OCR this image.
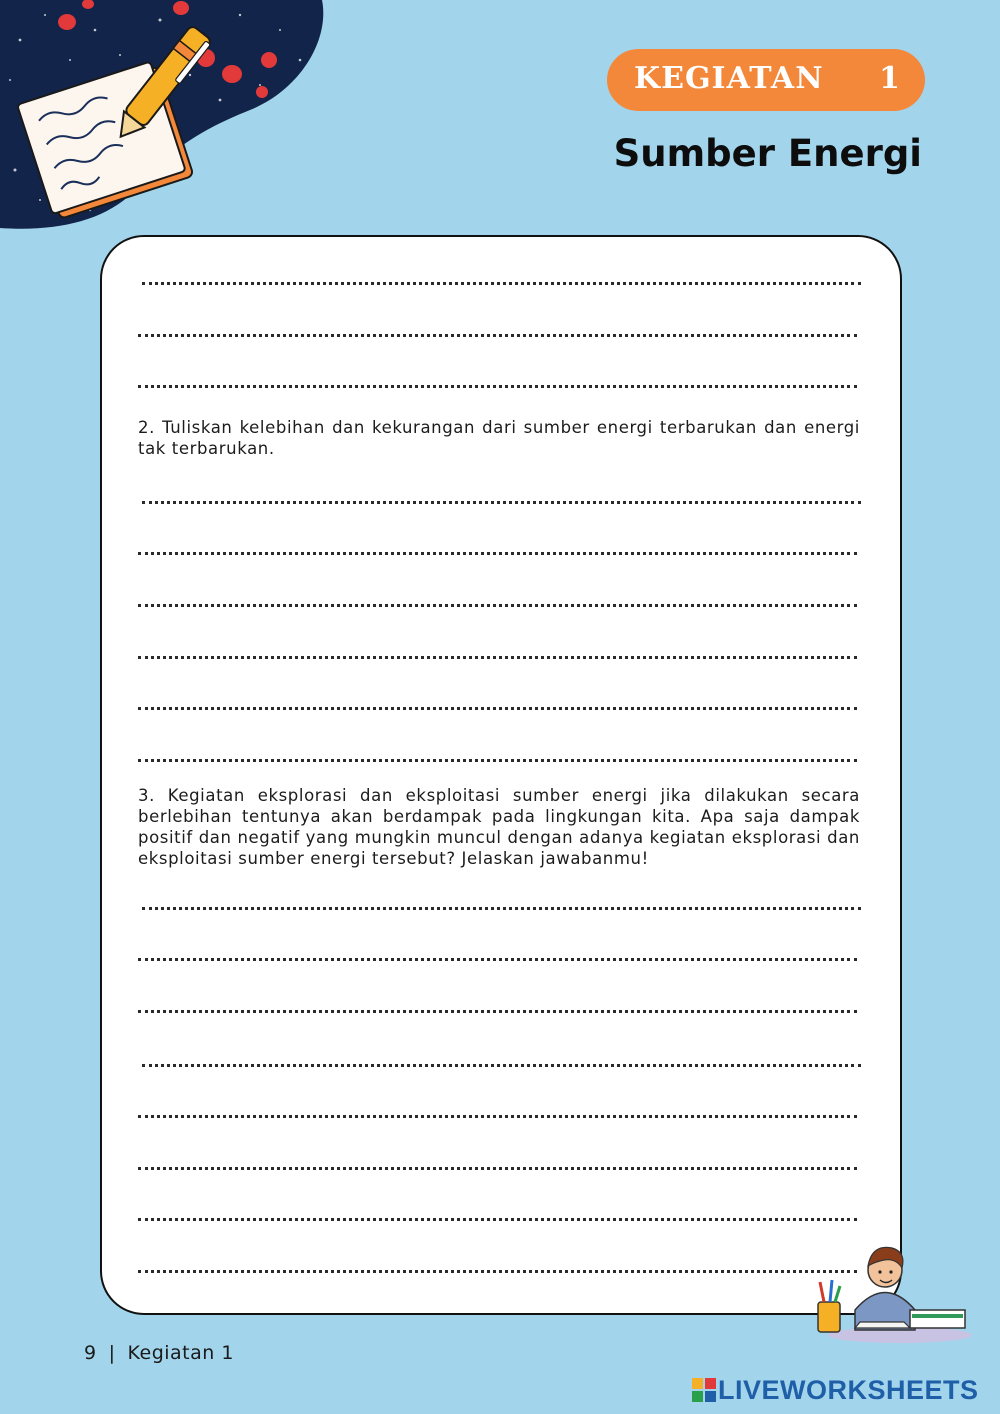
KEGIATAN 1
Sumber Energi

2. Tuliskan kelebihan dan kekurangan dari sumber energi terbarukan dan energi tak terbarukan.

3. Kegiatan eksplorasi dan eksploitasi sumber energi jika dilakukan secara berlebihan tentunya akan berdampak pada lingkungan kita. Apa saja dampak positif dan negatif yang mungkin muncul dengan adanya kegiatan eksplorasi dan eksploitasi sumber energi tersebut? Jelaskan jawabanmu!

9 | Kegiatan 1
LIVEWORKSHEETS
